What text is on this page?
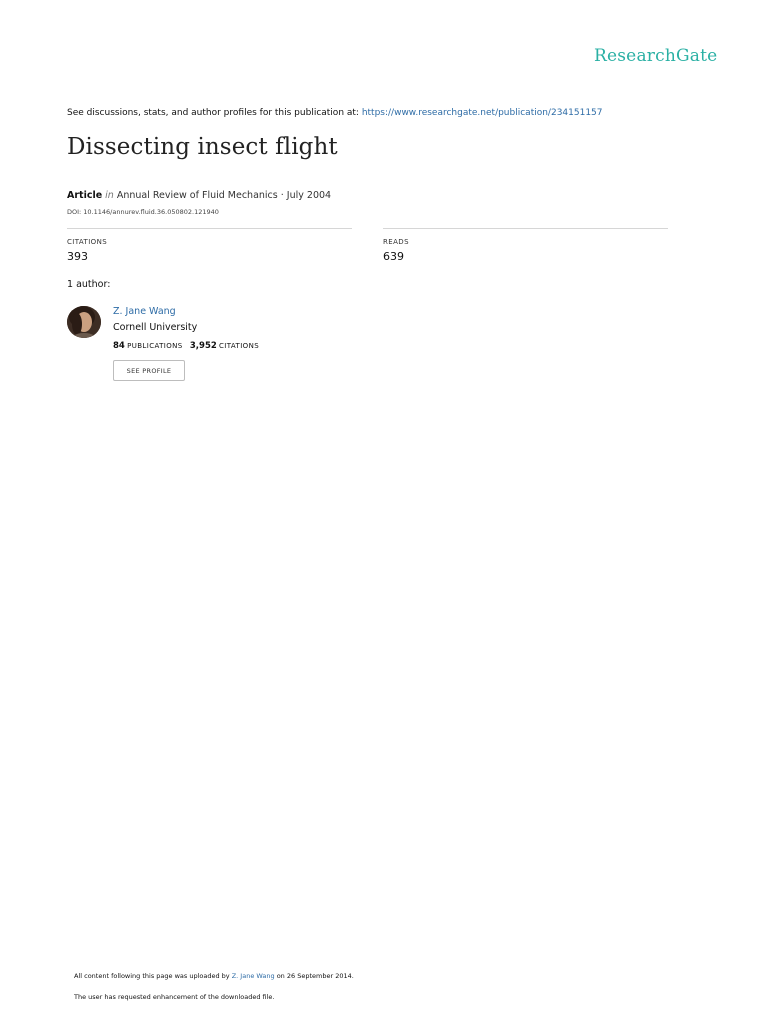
ResearchGate
See discussions, stats, and author profiles for this publication at: https://www.researchgate.net/publication/234151157
Dissecting insect flight
Article in Annual Review of Fluid Mechanics · July 2004
DOI: 10.1146/annurev.fluid.36.050802.121940
CITATIONS
393
READS
639
1 author:
Z. Jane Wang
Cornell University
84 PUBLICATIONS 3,952 CITATIONS
SEE PROFILE
All content following this page was uploaded by Z. Jane Wang on 26 September 2014.
The user has requested enhancement of the downloaded file.
